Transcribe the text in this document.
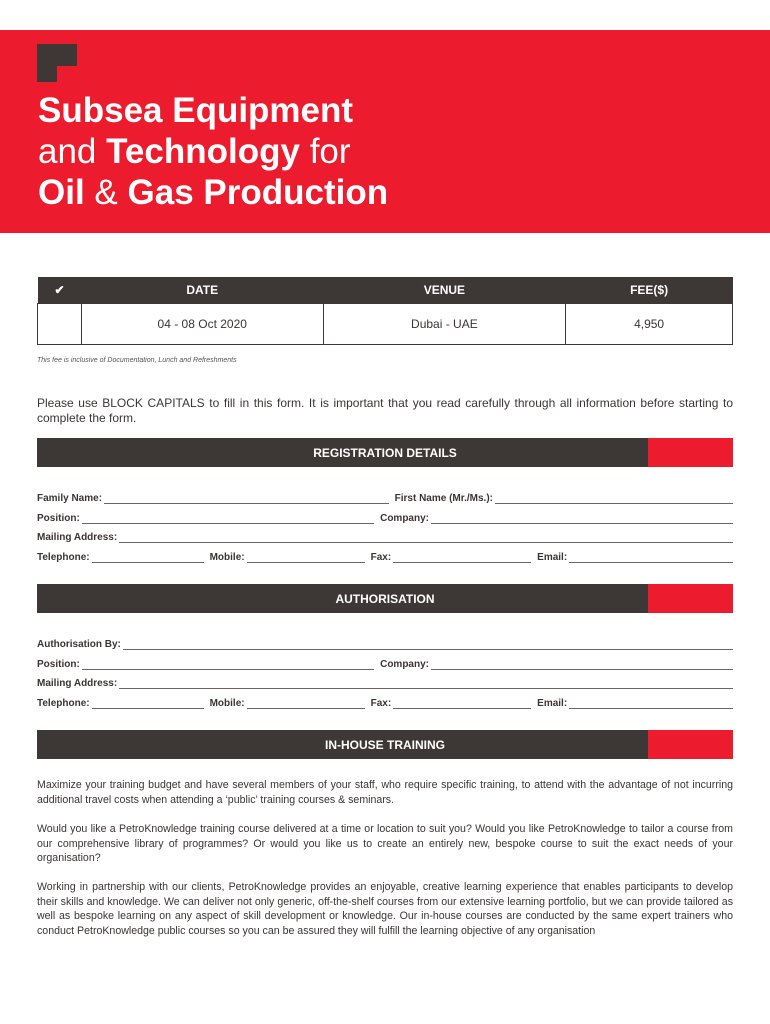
Subsea Equipment
and Technology for
Oil & Gas Production
✔	DATE	VENUE	FEE($)
	04 - 08 Oct 2020	Dubai - UAE	4,950
This fee is inclusive of Documentation, Lunch and Refreshments
Please use BLOCK CAPITALS to fill in this form. It is important that you read carefully through all information before starting to complete the form.
REGISTRATION DETAILS
Family Name:	First Name (Mr./Ms.):
Position:	Company:
Mailing Address:
Telephone:	Mobile:	Fax:	Email:
AUTHORISATION
Authorisation By:
Position:	Company:
Mailing Address:
Telephone:	Mobile:	Fax:	Email:
IN-HOUSE TRAINING
Maximize your training budget and have several members of your staff, who require specific training, to attend with the advantage of not incurring additional travel costs when attending a ‘public’ training courses & seminars.
Would you like a PetroKnowledge training course delivered at a time or location to suit you? Would you like PetroKnowledge to tailor a course from our comprehensive library of programmes? Or would you like us to create an entirely new, bespoke course to suit the exact needs of your organisation?
Working in partnership with our clients, PetroKnowledge provides an enjoyable, creative learning experience that enables participants to develop their skills and knowledge. We can deliver not only generic, off-the-shelf courses from our extensive learning portfolio, but we can provide tailored as well as bespoke learning on any aspect of skill development or knowledge. Our in-house courses are conducted by the same expert trainers who conduct PetroKnowledge public courses so you can be assured they will fulfill the learning objective of any organisation
